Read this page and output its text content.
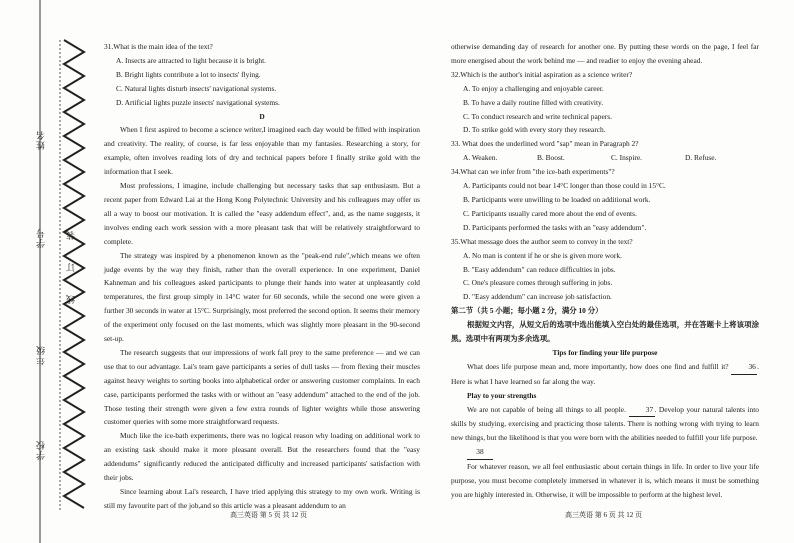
姓名
学号
年级
学校
装
订
线

31.What is the main idea of the text?

A. Insects are attracted to light because it is bright.

B. Bright lights contribute a lot to insects' flying.

C. Natural lights disturb insects' navigational systems.

D. Artificial lights puzzle insects' navigational systems.

D

When I first aspired to become a science writer,I imagined each day would be filled with inspiration and creativity. The reality, of course, is far less enjoyable than my fantasies. Researching a story, for example, often involves reading lots of dry and technical papers before I finally strike gold with the information that I seek.

Most professions, I imagine, include challenging but necessary tasks that sap enthusiasm. But a recent paper from Edward Lai at the Hong Kong Polytechnic University and his colleagues may offer us all a way to boost our motivation. It is called the "easy addendum effect", and, as the name suggests, it involves ending each work session with a more pleasant task that will be relatively straightforward to complete.

The strategy was inspired by a phenomenon known as the "peak-end rule",which means we often judge events by the way they finish, rather than the overall experience. In one experiment, Daniel Kahneman and his colleagues asked participants to plunge their hands into water at unpleasantly cold temperatures, the first group simply in 14°C water for 60 seconds, while the second one were given a further 30 seconds in water at 15°C. Surprisingly, most preferred the second option. It seems their memory of the experiment only focused on the last moments, which was slightly more pleasant in the 90-second set-up.

The research suggests that our impressions of work fall prey to the same preference — and we can use that to our advantage. Lai's team gave participants a series of dull tasks — from flexing their muscles against heavy weights to sorting books into alphabetical order or answering customer complaints. In each case, participants performed the tasks with or without an "easy addendum" attached to the end of the job. Those testing their strength were given a few extra rounds of lighter weights while those answering customer queries with some more straightforward requests.

Much like the ice-bath experiments, there was no logical reason why loading on additional work to an existing task should make it more pleasant overall. But the researchers found that the "easy addendums" significantly reduced the anticipated difficulty and increased participants' satisfaction with their jobs.

Since learning about Lai's research, I have tried applying this strategy to my own work. Writing is still my favourite part of the job,and so this article was a pleasant addendum to an

高三英语 第 5 页 共 12 页

otherwise demanding day of research for another one. By putting these words on the page, I feel far more energised about the work behind me — and readier to enjoy the evening ahead.

32.Which is the author's initial aspiration as a science writer?

A. To enjoy a challenging and enjoyable career.

B. To have a daily routine filled with creativity.

C. To conduct research and write technical papers.

D. To strike gold with every story they research.

33. What does the underlined word "sap" mean in Paragraph 2?

A. Weaken.	B. Boost.	C. Inspire.	D. Refuse.

34.What can we infer from "the ice-bath experiments"?

A. Participants could not bear 14°C longer than those could in 15°C.

B. Participants were unwilling to be loaded on additional work.

C. Participants usually cared more about the end of events.

D. Participants performed the tasks with an "easy addendum".

35.What message does the author seem to convey in the text?

A. No man is content if he or she is given more work.

B. "Easy addendum" can reduce difficulties in jobs.

C. One's pleasure comes through suffering in jobs.

D. "Easy addendum" can increase job satisfaction.

第二节（共 5 小题；每小题 2 分，满分 10 分）

根据短文内容，从短文后的选项中选出能填入空白处的最佳选项，并在答题卡上将该项涂黑。选项中有两项为多余选项。

Tips for finding your life purpose

What does life purpose mean and, more importantly, how does one find and fulfill it?	36. Here is what I have learned so far along the way.

Play to your strengths

We are not capable of being all things to all people.	37. Develop your natural talents into skills by studying, exercising and practicing those talents. There is nothing wrong with trying to learn new things, but the likelihood is that you were born with the abilities needed to fulfill your life purpose.

38

For whatever reason, we all feel enthusiastic about certain things in life. In order to live your life purpose, you must become completely immersed in whatever it is, which means it must be something you are highly interested in. Otherwise, it will be impossible to perform at the highest level.

高三英语 第 6 页 共 12 页
